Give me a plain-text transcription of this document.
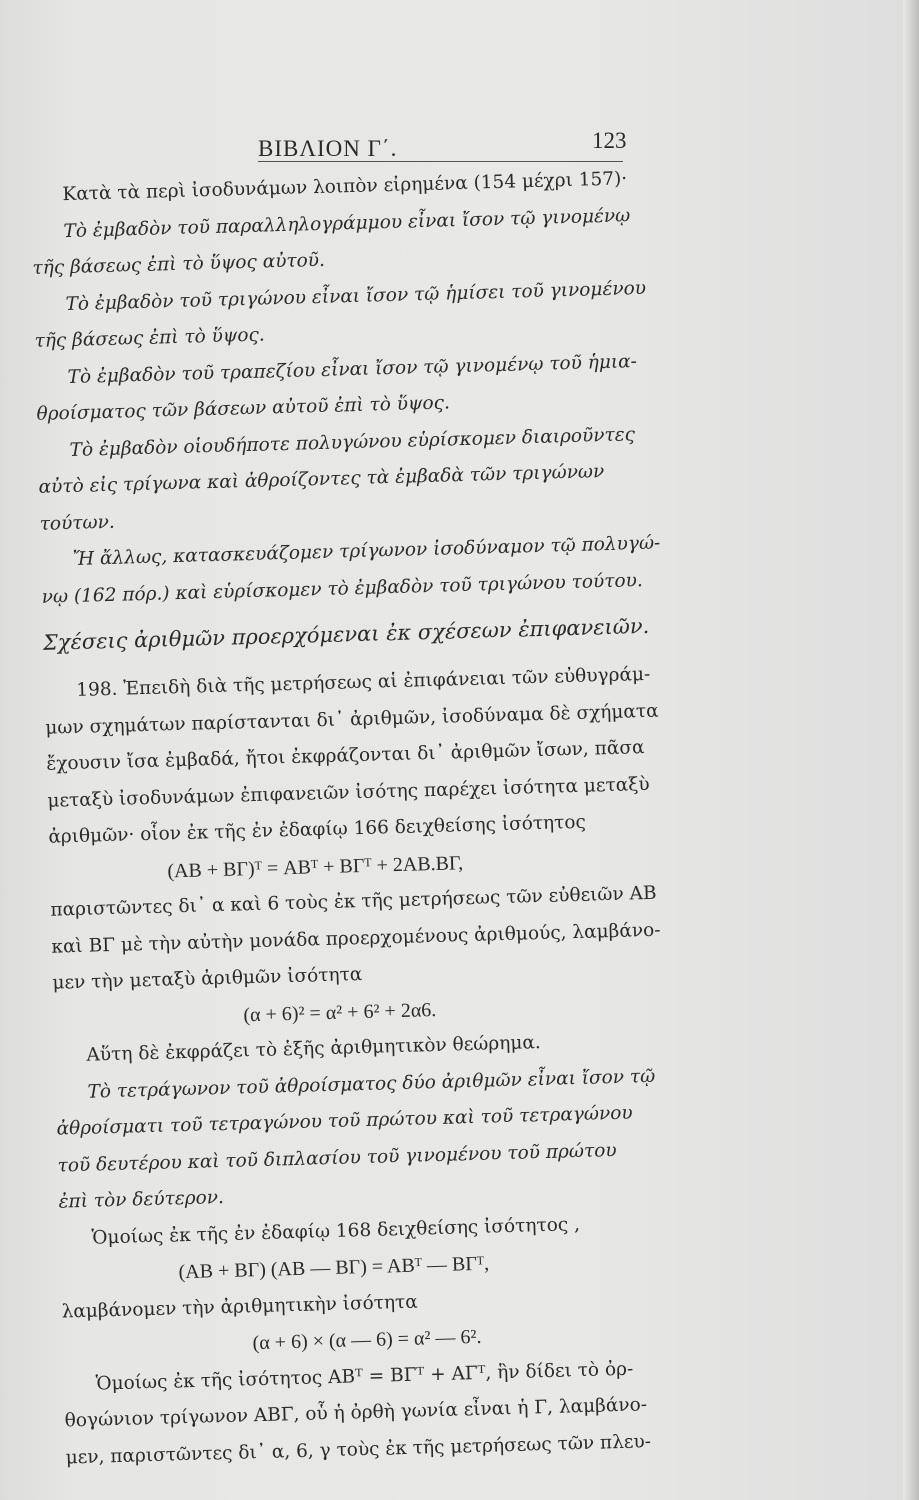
ΒΙΒΛΙΟΝ Γ΄.	123
Κατὰ τὰ περὶ ἰσοδυνάμων λοιπὸν εἰρημένα (154 μέχρι 157)·
Τὸ ἐμβαδὸν τοῦ παραλληλογράμμου εἶναι ἴσον τῷ γινομένῳ
τῆς βάσεως ἐπὶ τὸ ὕψος αὐτοῦ.
Τὸ ἐμβαδὸν τοῦ τριγώνου εἶναι ἴσον τῷ ἡμίσει τοῦ γινομένου
τῆς βάσεως ἐπὶ τὸ ὕψος.
Τὸ ἐμβαδὸν τοῦ τραπεζίου εἶναι ἴσον τῷ γινομένῳ τοῦ ἡμια-
θροίσματος τῶν βάσεων αὐτοῦ ἐπὶ τὸ ὕψος.
Τὸ ἐμβαδὸν οἱουδήποτε πολυγώνου εὑρίσκομεν διαιροῦντες
αὐτὸ εἰς τρίγωνα καὶ ἀθροίζοντες τὰ ἐμβαδὰ τῶν τριγώνων
τούτων.
Ἤ ἄλλως, κατασκευάζομεν τρίγωνον ἰσοδύναμον τῷ πολυγώ-
νῳ (162 πόρ.) καὶ εὑρίσκομεν τὸ ἐμβαδὸν τοῦ τριγώνου τούτου.
Σχέσεις ἀριθμῶν προερχόμεναι ἐκ σχέσεων ἐπιφανειῶν.
198. Ἐπειδὴ διὰ τῆς μετρήσεως αἱ ἐπιφάνειαι τῶν εὐθυγράμ-
μων σχημάτων παρίστανται δι᾽ ἀριθμῶν, ἰσοδύναμα δὲ σχήματα
ἔχουσιν ἴσα ἐμβαδά, ἤτοι ἐκφράζονται δι᾽ ἀριθμῶν ἴσων, πᾶσα
μεταξὺ ἰσοδυνάμων ἐπιφανειῶν ἰσότης παρέχει ἰσότητα μεταξὺ
ἀριθμῶν· οἷον ἐκ τῆς ἐν ἐδαφίῳ 166 δειχθείσης ἰσότητος
(ΑΒ + ΒΓ)ᵀ = ΑΒᵀ + ΒΓᵀ + 2ΑΒ.ΒΓ,
παριστῶντες δι᾽ α καὶ 6 τοὺς ἐκ τῆς μετρήσεως τῶν εὐθειῶν ΑΒ
καὶ ΒΓ μὲ τὴν αὐτὴν μονάδα προερχομένους ἀριθμούς, λαμβάνο-
μεν τὴν μεταξὺ ἀριθμῶν ἰσότητα
(α + 6)² = α² + 6² + 2α6.
Αὕτη δὲ ἐκφράζει τὸ ἑξῆς ἀριθμητικὸν θεώρημα.
Τὸ τετράγωνον τοῦ ἀθροίσματος δύο ἀριθμῶν εἶναι ἴσον τῷ
ἀθροίσματι τοῦ τετραγώνου τοῦ πρώτου καὶ τοῦ τετραγώνου
τοῦ δευτέρου καὶ τοῦ διπλασίου τοῦ γινομένου τοῦ πρώτου
ἐπὶ τὸν δεύτερον.
Ὁμοίως ἐκ τῆς ἐν ἐδαφίῳ 168 δειχθείσης ἰσότητος ,
(ΑΒ + ΒΓ) (ΑΒ — ΒΓ) = ΑΒᵀ — ΒΓᵀ,
λαμβάνομεν τὴν ἀριθμητικὴν ἰσότητα
(α + 6) × (α — 6) = α² — 6².
Ὁμοίως ἐκ τῆς ἰσότητος ΑΒᵀ = ΒΓᵀ + ΑΓᵀ, ἣν δίδει τὸ ὀρ-
θογώνιον τρίγωνον ΑΒΓ, οὗ ἡ ὀρθὴ γωνία εἶναι ἡ Γ, λαμβάνο-
μεν, παριστῶντες δι᾽ α, 6, γ τοὺς ἐκ τῆς μετρήσεως τῶν πλευ-
